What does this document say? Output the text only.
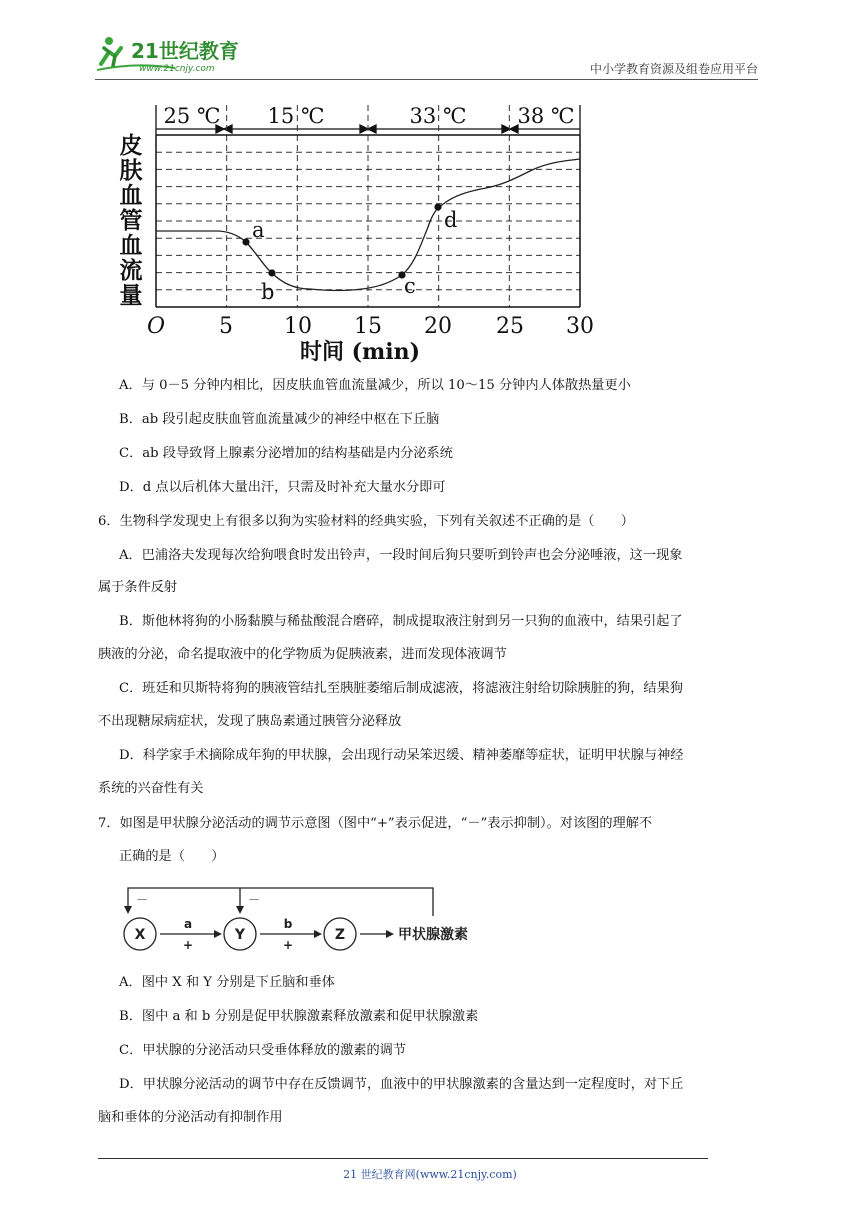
21世纪教育
www.21cnjy.com	中小学教育资源及组卷应用平台
25 ℃ 15 ℃	33 ℃ 38 ℃
皮肤血管血流量	a
b	c
d
O 5 10 15 20 25 30
时间 (min)
A．与 0－5 分钟内相比，因皮肤血管血流量减少，所以 10～15 分钟内人体散热量更小
B．ab 段引起皮肤血管血流量减少的神经中枢在下丘脑
C．ab 段导致肾上腺素分泌增加的结构基础是内分泌系统
D．d 点以后机体大量出汗，只需及时补充大量水分即可
6．生物科学发现史上有很多以狗为实验材料的经典实验，下列有关叙述不正确的是（　　）
A．巴浦洛夫发现每次给狗喂食时发出铃声，一段时间后狗只要听到铃声也会分泌唾液，这一现象
属于条件反射
B．斯他林将狗的小肠黏膜与稀盐酸混合磨碎，制成提取液注射到另一只狗的血液中，结果引起了
胰液的分泌，命名提取液中的化学物质为促胰液素，进而发现体液调节
C．班廷和贝斯特将狗的胰液管结扎至胰脏萎缩后制成滤液，将滤液注射给切除胰脏的狗，结果狗
不出现糖尿病症状，发现了胰岛素通过胰管分泌释放
D．科学家手术摘除成年狗的甲状腺，会出现行动呆笨迟缓、精神萎靡等症状，证明甲状腺与神经
系统的兴奋性有关
7．如图是甲状腺分泌活动的调节示意图（图中“+”表示促进，“－”表示抑制）。对该图的理解不
正确的是（　　）
－	－
X	Y	Z
a
+
b
+
甲状腺激素
A．图中 X 和 Y 分别是下丘脑和垂体
B．图中 a 和 b 分别是促甲状腺激素释放激素和促甲状腺激素
C．甲状腺的分泌活动只受垂体释放的激素的调节
D．甲状腺分泌活动的调节中存在反馈调节，血液中的甲状腺激素的含量达到一定程度时，对下丘
脑和垂体的分泌活动有抑制作用
21 世纪教育网(www.21cnjy.com)
